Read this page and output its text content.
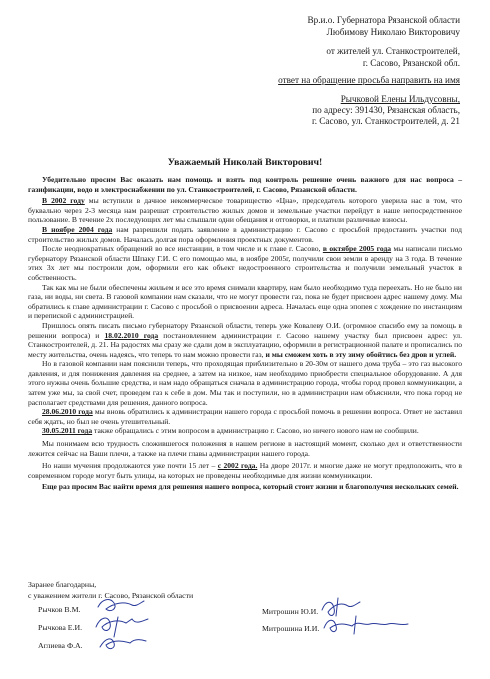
Вр.и.о. Губернатора Рязанской области
Любимову Николаю Викторовичу
от жителей ул. Станкостроителей,
г. Сасово, Рязанской обл.
ответ на обращение просьба направить на имя
Рычковой Елены Ильдусовны,
по адресу: 391430, Рязанская область,
г. Сасово, ул. Станкостроителей, д. 21
Уважаемый Николай Викторович!

Убедительно просим Вас оказать нам помощь и взять под контроль решение очень важного для нас вопроса – газификации, водо и электроснабжении по ул. Станкостроителей, г. Сасово, Рязанской области.

В 2002 году мы вступили в дачное некоммерческое товарищество «Цна», председатель которого уверила нас в том, что буквально через 2-3 месяца нам разрешат строительство жилых домов и земельные участки перейдут в наше непосредственное пользование. В течение 2х последующих лет мы слышали одни обещания и отговорки, и платили различные взносы.

В ноябре 2004 года нам разрешили подать заявление в администрацию г. Сасово с просьбой предоставить участки под строительство жилых домов. Началась долгая пора оформления проектных документов.

После неоднократных обращений во все инстанции, в том числе и к главе г. Сасово, в октябре 2005 года мы написали письмо губернатору Рязанской области Шпаку Г.И. С его помощью мы, в ноябре 2005г, получили свои земли в аренду на 3 года. В течение этих 3х лет мы построили дом, оформили его как объект недостроенного строительства и получили земельный участок в собственность.

Так как мы не были обеспечены жильем и все это время снимали квартиру, нам было необходимо туда переехать. Но не было ни газа, ни воды, ни света. В газовой компании нам сказали, что не могут провести газ, пока не будет присвоен адрес нашему дому. Мы обратились к главе администрации г. Сасово с просьбой о присвоении адреса. Началась еще одна эпопея с хождение по инстанциям и перепиской с администрацией.

Пришлось опять писать письмо губернатору Рязанской области, теперь уже Ковалеву О.И. (огромное спасибо ему за помощь в решении вопроса) и 18.02.2010 года постановлением администрации г. Сасово нашему участку был присвоен адрес: ул. Станкостроителей, д. 21. На радостях мы сразу же сдали дом в эксплуатацию, оформили в регистрационной палате и прописались по месту жительства, очень надеясь, что теперь то нам можно провести газ, и мы сможем хоть в эту зиму обойтись без дров и углей.

Но в газовой компании нам пояснили теперь, что проходящая приблизительно в 20-30м от нашего дома труба – это газ высокого давления, и для понижения давления на среднее, а затем на низкое, нам необходимо приобрести специальное оборудование. А для этого нужны очень большие средства, и нам надо обращаться сначала в администрацию города, чтобы город провел коммуникации, а затем уже мы, за свой счет, проведем газ к себе в дом. Мы так и поступили, но в администрации нам объяснили, что пока город не располагает средствами для решения, данного вопроса.

28.06.2010 года мы вновь обратились к администрации нашего города с просьбой помочь в решении вопроса. Ответ не заставил себя ждать, но был не очень утешительный.

30.05.2011 года также обращались с этим вопросом в администрацию г. Сасово, но ничего нового нам не сообщили.

Мы понимаем всю трудность сложившегося положения в нашем регионе в настоящий момент, сколько дел и ответственности лежится сейчас на Ваши плечи, а также на плечи главы администрации нашего города.

Но наши мучения продолжаются уже почти 15 лет – с 2002 года. На дворе 2017г. и многие даже не могут предположить, что в современном городе могут быть улицы, на которых не проведены необходимые для жизни коммуникации.

Еще раз просим Вас найти время для решения нашего вопроса, который стоит жизни и благополучия нескольких семей.

Заранее благодарны,
с уважением жители г. Сасово, Рязанской области
Рычков В.М.
Рычкова Е.И.
Аглиева Ф.А.
Митрошин Ю.И.
Митрошина И.И.
